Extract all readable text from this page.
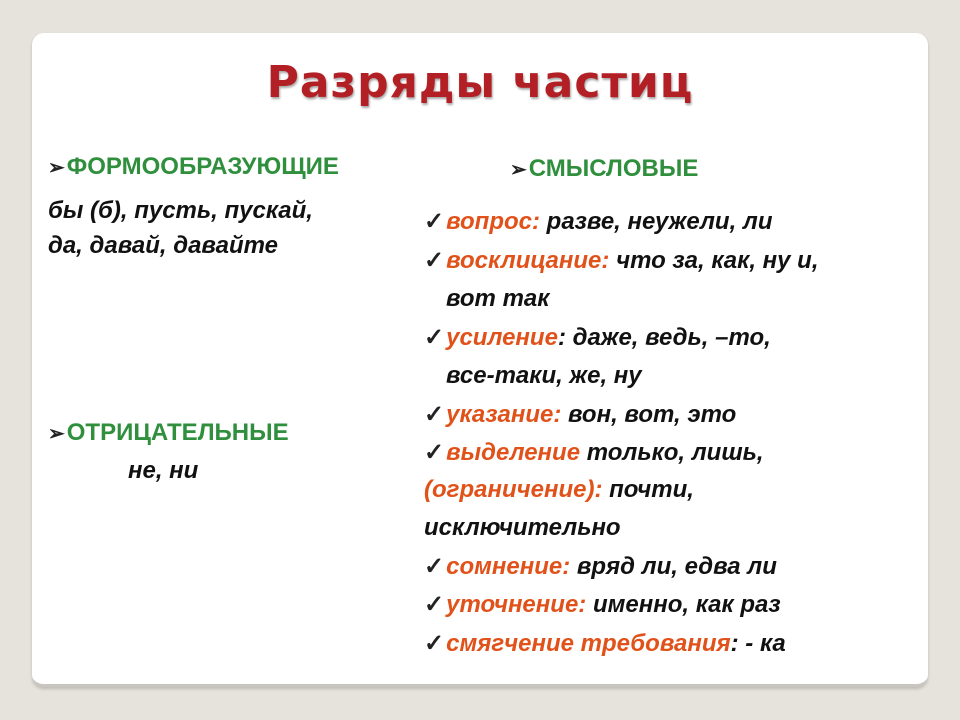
Разряды частиц
➢ФОРМООБРАЗУЮЩИЕ
бы (б), пусть, пускай,
да, давай, давайте
➢ОТРИЦАТЕЛЬНЫЕ
не, ни
➢СМЫСЛОВЫЕ
✓вопрос: разве, неужели, ли
✓восклицание: что за, как, ну и,
вот так
✓усиление: даже, ведь, –то,
все-таки, же, ну
✓указание: вон, вот, это
✓выделение только, лишь,
(ограничение): почти,
исключительно
✓сомнение: вряд ли, едва ли
✓уточнение: именно, как раз
✓смягчение требования: - ка
